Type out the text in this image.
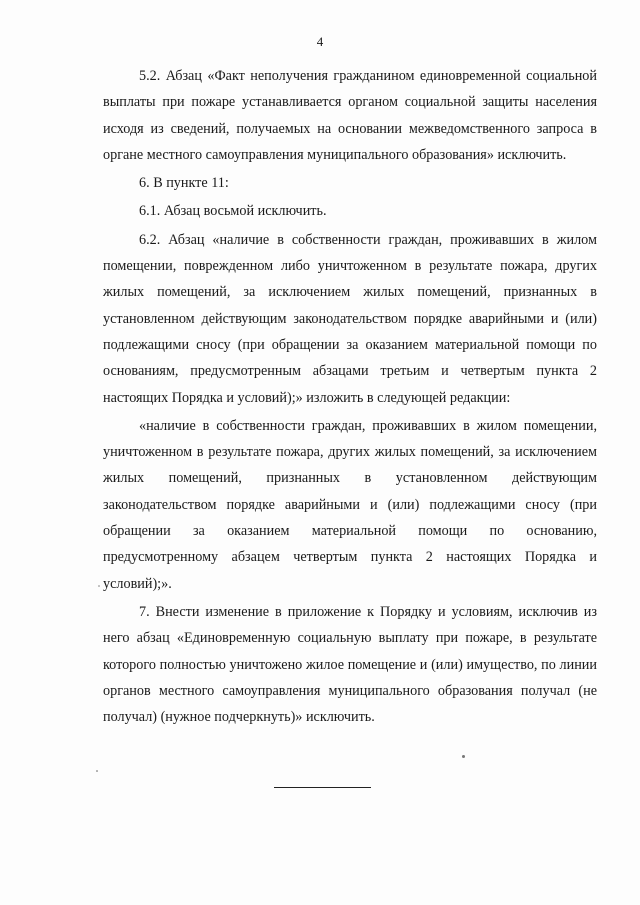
4

5.2. Абзац «Факт неполучения гражданином единовременной социальной выплаты при пожаре устанавливается органом социальной защиты населения исходя из сведений, получаемых на основании межведомственного запроса в органе местного самоуправления муниципального образования» исключить.

6. В пункте 11:

6.1. Абзац восьмой исключить.

6.2. Абзац «наличие в собственности граждан, проживавших в жилом помещении, поврежденном либо уничтоженном в результате пожара, других жилых помещений, за исключением жилых помещений, признанных в установленном действующим законодательством порядке аварийными и (или) подлежащими сносу (при обращении за оказанием материальной помощи по основаниям, предусмотренным абзацами третьим и четвертым пункта 2 настоящих Порядка и условий);» изложить в следующей редакции:

«наличие в собственности граждан, проживавших в жилом помещении, уничтоженном в результате пожара, других жилых помещений, за исключением жилых помещений, признанных в установленном действующим законодательством порядке аварийными и (или) подлежащими сносу (при обращении за оказанием материальной помощи по основанию, предусмотренному абзацем четвертым пункта 2 настоящих Порядка и условий);».

7. Внести изменение в приложение к Порядку и условиям, исключив из него абзац «Единовременную социальную выплату при пожаре, в результате которого полностью уничтожено жилое помещение и (или) имущество, по линии органов местного самоуправления муниципального образования получал (не получал) (нужное подчеркнуть)» исключить.
